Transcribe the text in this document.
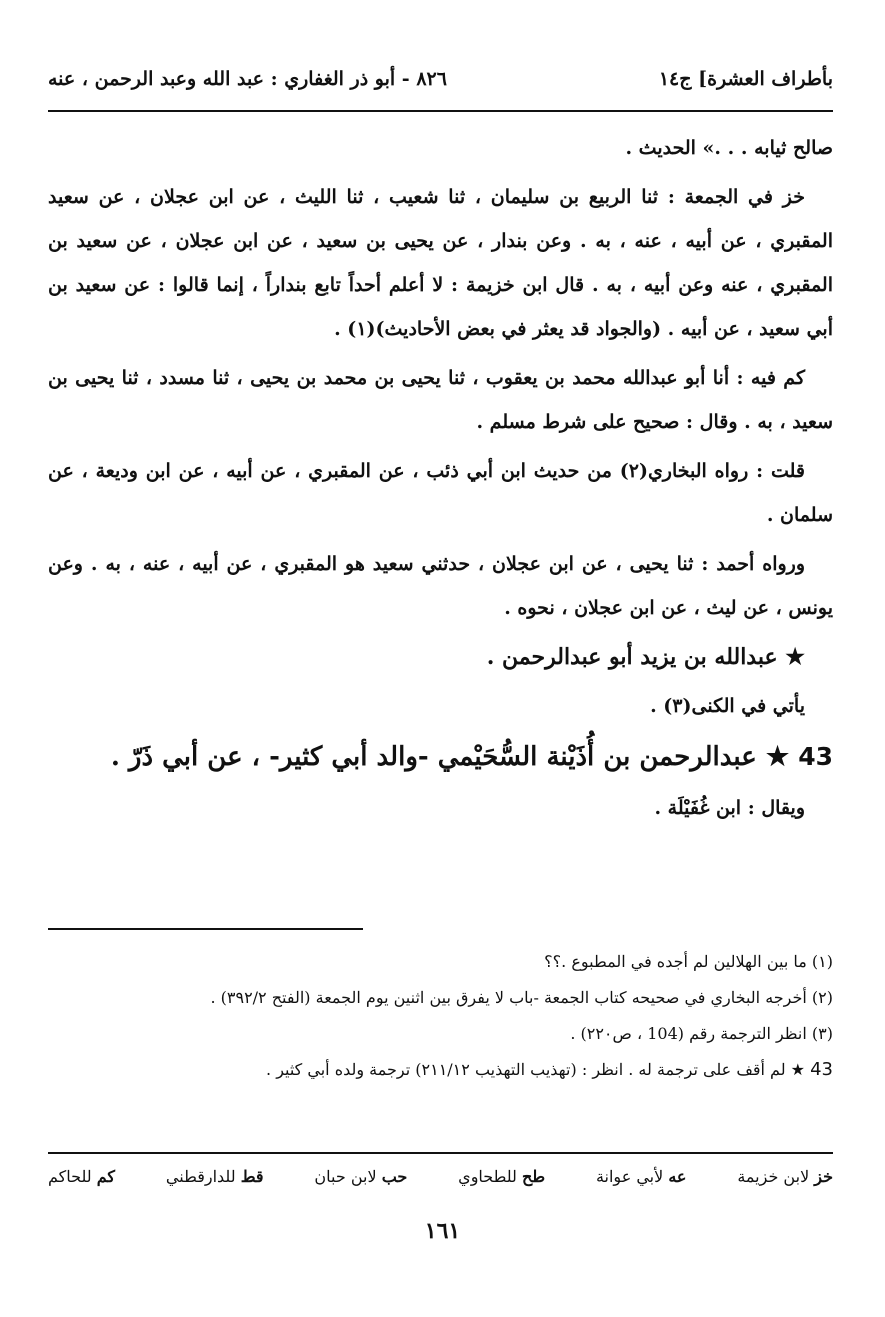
بأطراف العشرة] ج١٤
٨٢٦ - أبو ذر الغفاري : عبد الله وعبد الرحمن ، عنه

صالح ثيابه . . .» الحديث .

خز في الجمعة : ثنا الربيع بن سليمان ، ثنا شعيب ، ثنا الليث ، عن ابن عجلان ، عن سعيد المقبري ، عن أبيه ، عنه ، به . وعن بندار ، عن يحيى بن سعيد ، عن ابن عجلان ، عن سعيد بن المقبري ، عنه وعن أبيه ، به . قال ابن خزيمة : لا أعلم أحداً تابع بنداراً ، إنما قالوا : عن سعيد بن أبي سعيد ، عن أبيه . (والجواد قد يعثر في بعض الأحاديث)(١) .

كم فيه : أنا أبو عبدالله محمد بن يعقوب ، ثنا يحيى بن محمد بن يحيى ، ثنا مسدد ، ثنا يحيى بن سعيد ، به . وقال : صحيح على شرط مسلم .

قلت : رواه البخاري(٢) من حديث ابن أبي ذئب ، عن المقبري ، عن أبيه ، عن ابن وديعة ، عن سلمان .

ورواه أحمد : ثنا يحيى ، عن ابن عجلان ، حدثني سعيد هو المقبري ، عن أبيه ، عنه ، به . وعن يونس ، عن ليث ، عن ابن عجلان ، نحوه .

★ عبدالله بن يزيد أبو عبدالرحمن .

يأتي في الكنى(٣) .

43 ★ عبدالرحمن بن أُذَيْنة السُّحَيْمي -والد أبي كثير- ، عن أبي ذَرّ .

ويقال : ابن غُفَيْلَة .

(١) ما بين الهلالين لم أجده في المطبوع .؟؟

(٢) أخرجه البخاري في صحيحه كتاب الجمعة -باب لا يفرق بين اثنين يوم الجمعة (الفتح ٣٩٢/٢) .

(٣) انظر الترجمة رقم (104 ، ص٢٢٠) .

43 ★ لم أقف على ترجمة له . انظر : (تهذيب التهذيب ٢١١/١٢) ترجمة ولده أبي كثير .

خز لابن خزيمة
عه لأبي عوانة
طح للطحاوي
حب لابن حبان
قط للدارقطني
كم للحاكم
١٦١
